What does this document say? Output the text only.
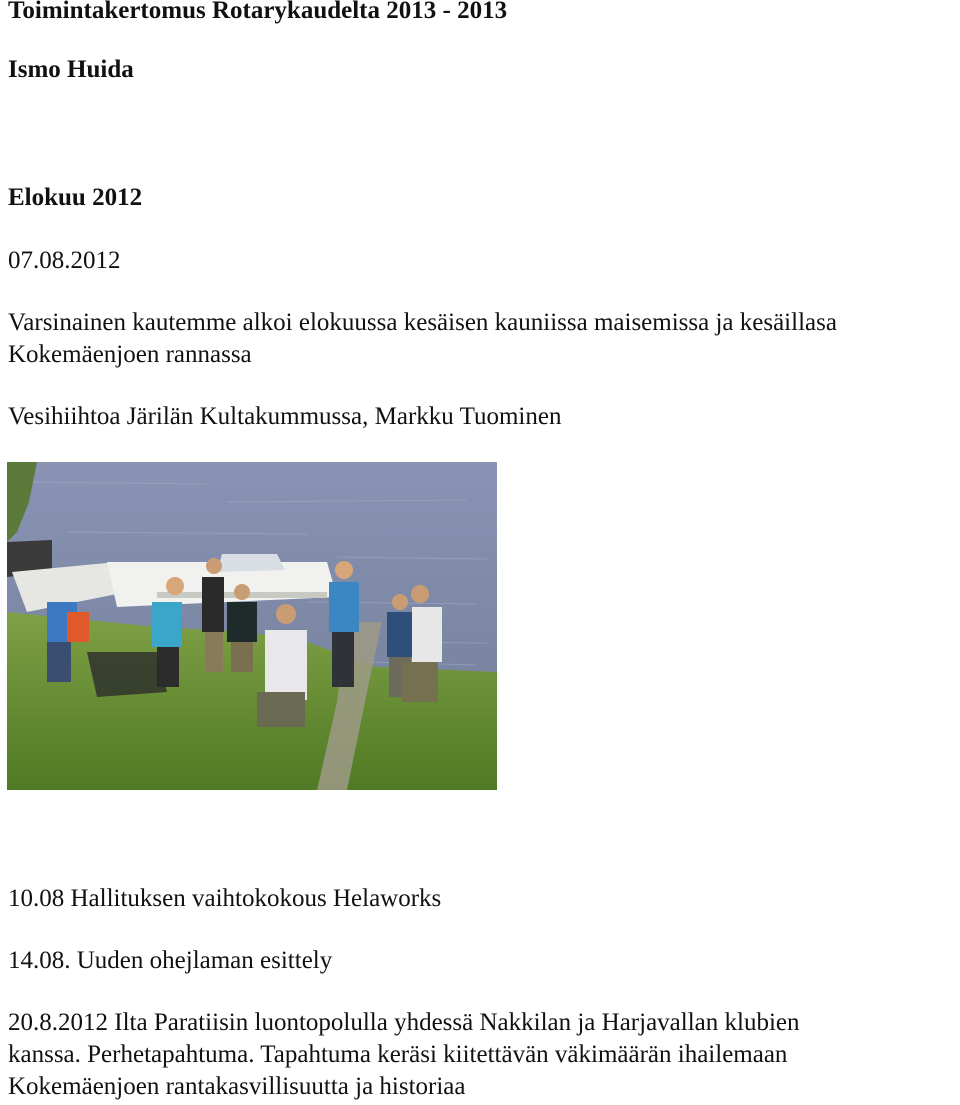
Toimintakertomus Rotarykaudelta 2013 - 2013
Ismo Huida
Elokuu 2012

07.08.2012

Varsinainen kautemme alkoi elokuussa kesäisen kauniissa maisemissa ja kesäillasa

Kokemäenjoen rannassa

Vesihiihtoa Järilän Kultakummussa, Markku Tuominen

10.08 Hallituksen vaihtokokous Helaworks

14.08. Uuden ohejlaman esittely

20.8.2012 Ilta Paratiisin luontopolulla yhdessä Nakkilan ja Harjavallan klubien

kanssa. Perhetapahtuma. Tapahtuma keräsi kiitettävän väkimäärän ihailemaan

Kokemäenjoen rantakasvillisuutta ja historiaa
